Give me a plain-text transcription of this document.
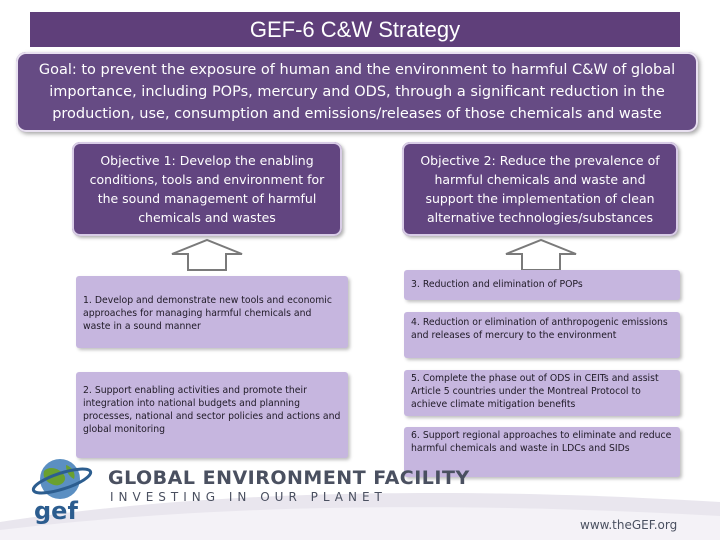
GEF-6 C&W Strategy
Goal: to prevent the exposure of human and the environment to harmful C&W of global importance, including POPs, mercury and ODS, through a significant reduction in the production, use, consumption and emissions/releases of those chemicals and waste
Objective 1: Develop the enabling conditions, tools and environment for the sound management of harmful chemicals and wastes
Objective 2: Reduce the prevalence of harmful chemicals and waste and support the implementation of clean alternative technologies/substances
1. Develop and demonstrate new tools and economic approaches for managing harmful chemicals and waste in a sound manner
2. Support enabling activities and promote their integration into national budgets and planning processes, national and sector policies and actions and global monitoring
3. Reduction and elimination of POPs
4. Reduction or elimination of anthropogenic emissions and releases of mercury to the environment
5. Complete the phase out of ODS in CEITs and assist Article 5 countries under the Montreal Protocol to achieve climate mitigation benefits
6. Support regional approaches to eliminate and reduce harmful chemicals and waste in LDCs and SIDs
gef
GLOBAL ENVIRONMENT FACILITY
INVESTING IN OUR PLANET
www.theGEF.org
